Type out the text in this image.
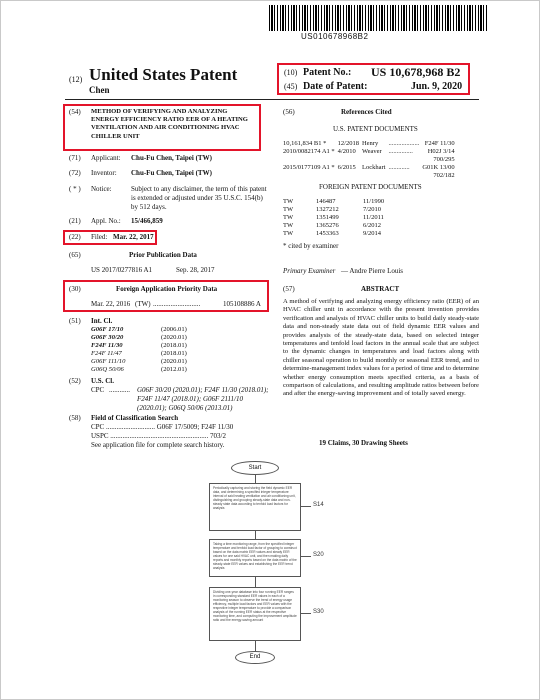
US010678968B2
(12) United States Patent
Chen
(10) Patent No.: US 10,678,968 B2
(45) Date of Patent:	Jun. 9, 2020
(54) METHOD OF VERIFYING AND ANALYZING ENERGY EFFICIENCY RATIO EER OF A HEATING VENTILATION AND AIR CONDITIONING HVAC CHILLER UNIT
(71) Applicant: Chu-Fu Chen, Taipei (TW)
(72) Inventor: Chu-Fu Chen, Taipei (TW)
( * ) Notice:	Subject to any disclaimer, the term of this patent is extended or adjusted under 35 U.S.C. 154(b) by 512 days.
(21) Appl. No.: 15/466,859
(22) Filed: Mar. 22, 2017
(65)	Prior Publication Data
US 2017/0277816 A1	Sep. 28, 2017
(30)	Foreign Application Priority Data
Mar. 22, 2016 (TW) ...........................	105108886 A
(51) Int. Cl.
G06F 17/10	(2006.01)
G06F 30/20	(2020.01)
F24F 11/30	(2018.01)
F24F 11/47	(2018.01)
G06F 111/10	(2020.01)
G06Q 50/06	(2012.01)
(52) U.S. Cl.
CPC ............ G06F 30/20 (2020.01); F24F 11/30 (2018.01); F24F 11/47 (2018.01); G06F 2111/10 (2020.01); G06Q 50/06 (2013.01)
(58) Field of Classification Search
CPC ............................ G06F 17/5009; F24F 11/30
USPC ........................................................ 703/2
See application file for complete search history.
(56)	References Cited
U.S. PATENT DOCUMENTS
10,161,834 B1 *	12/2018	Henry	...................	F24F 11/30
2010/0082174 A1 *	4/2010	Weaver	...............	H02J 3/14
700/295				
2015/0177109 A1 *	6/2015	Lockhart	.............	G01K 13/00
702/182				
FOREIGN PATENT DOCUMENTS
TW	146487	11/1990
TW	1327212	7/2010
TW	1351499	11/2011
TW	1365276	6/2012
TW	1453363	9/2014
* cited by examiner
Primary Examiner — Andre Pierre Louis
(57)	ABSTRACT
A method of verifying and analyzing energy efficiency ratio (EER) of an HVAC chiller unit in accordance with the present invention provides verification and analysis of HVAC chiller units to build daily steady-state data and non-steady state data out of field dynamic EER values and provides analysis of the steady-state data, based on selected integer temperatures and tenfold load factors in the annual scale that are subject to the dynamic changes in temperatures and load factors along with chiller seasonal operation to build monthly or seasonal EER trend, and to determine-management index values for a period of time and to determine whether energy consumption meets specified criteria, as a basis of comparison of calculations, and resulting amplitude ratios between before and after the energy-saving improvement and of totally saved energy.
19 Claims, 30 Drawing Sheets
Start
Periodically capturing and storing the field dynamic EER data, and determining a specified integer temperature interval of said heating ventilation and air conditioning unit, distinguishing and grouping steady-state data and non-steady state data according to tenfold load factors for analysis	S14
Taking a time monitoring range, from the specified integer temperature and tenfold load factor of grouping to construct based on the data matrix EER values and steady EER values for one said HVAC unit, and then making daily reports and monthly reports based on the data matrix of the steady-state EER values and establishing the EER trend analysis
S20
Dividing one-year database into four running EER ranges in corresponding standard EER values in each of a monitoring season to observe the trend of energy usage efficiency, multiple load factors and EER values with the respective integer temperature to provide a comparison analysis of the running EER status at the respective monitoring time, and computing the improvement amplitude ratio and the energy-saving amount
S30
End
